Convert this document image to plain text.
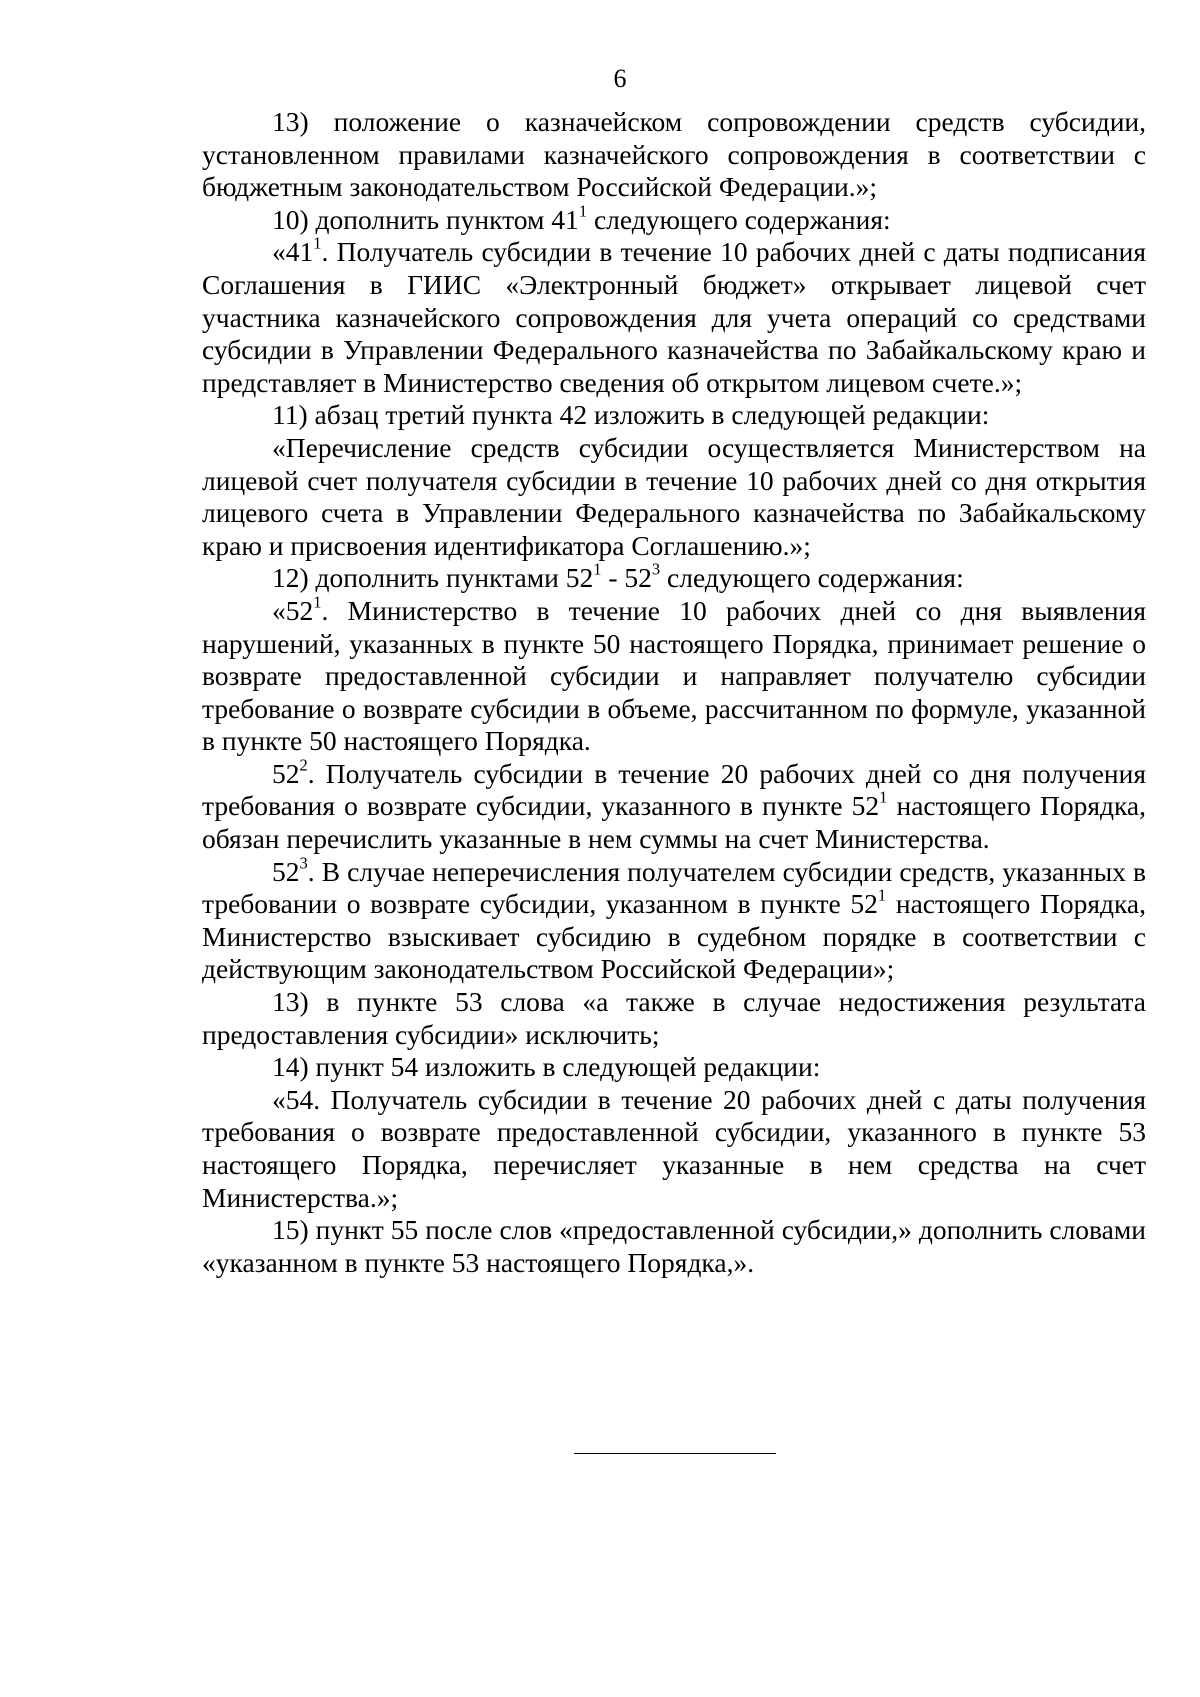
6

13) положение о казначейском сопровождении средств субсидии, установленном правилами казначейского сопровождения в соответствии с бюджетным законодательством Российской Федерации.»;

10) дополнить пунктом $41^1$ следующего содержания:

«$41^1$. Получатель субсидии в течение 10 рабочих дней с даты подписания Соглашения в ГИИС «Электронный бюджет» открывает лицевой счет участника казначейского сопровождения для учета операций со средствами субсидии в Управлении Федерального казначейства по Забайкальскому краю и представляет в Министерство сведения об открытом лицевом счете.»;

11) абзац третий пункта 42 изложить в следующей редакции:

«Перечисление средств субсидии осуществляется Министерством на лицевой счет получателя субсидии в течение 10 рабочих дней со дня открытия лицевого счета в Управлении Федерального казначейства по Забайкальскому краю и присвоения идентификатора Соглашению.»;

12) дополнить пунктами $52^1 - 52^3$ следующего содержания:

«$52^1$. Министерство в течение 10 рабочих дней со дня выявления нарушений, указанных в пункте 50 настоящего Порядка, принимает решение о возврате предоставленной субсидии и направляет получателю субсидии требование о возврате субсидии в объеме, рассчитанном по формуле, указанной в пункте 50 настоящего Порядка.

$52^2$. Получатель субсидии в течение 20 рабочих дней со дня получения требования о возврате субсидии, указанного в пункте $52^1$ настоящего Порядка, обязан перечислить указанные в нем суммы на счет Министерства.

$52^3$. В случае неперечисления получателем субсидии средств, указанных в требовании о возврате субсидии, указанном в пункте $52^1$ настоящего Порядка, Министерство взыскивает субсидию в судебном порядке в соответствии с действующим законодательством Российской Федерации»;

13) в пункте 53 слова «а также в случае недостижения результата предоставления субсидии» исключить;

14) пункт 54 изложить в следующей редакции:

«54. Получатель субсидии в течение 20 рабочих дней с даты получения требования о возврате предоставленной субсидии, указанного в пункте 53 настоящего Порядка, перечисляет указанные в нем средства на счет Министерства.»;

15) пункт 55 после слов «предоставленной субсидии,» дополнить словами «указанном в пункте 53 настоящего Порядка,».
